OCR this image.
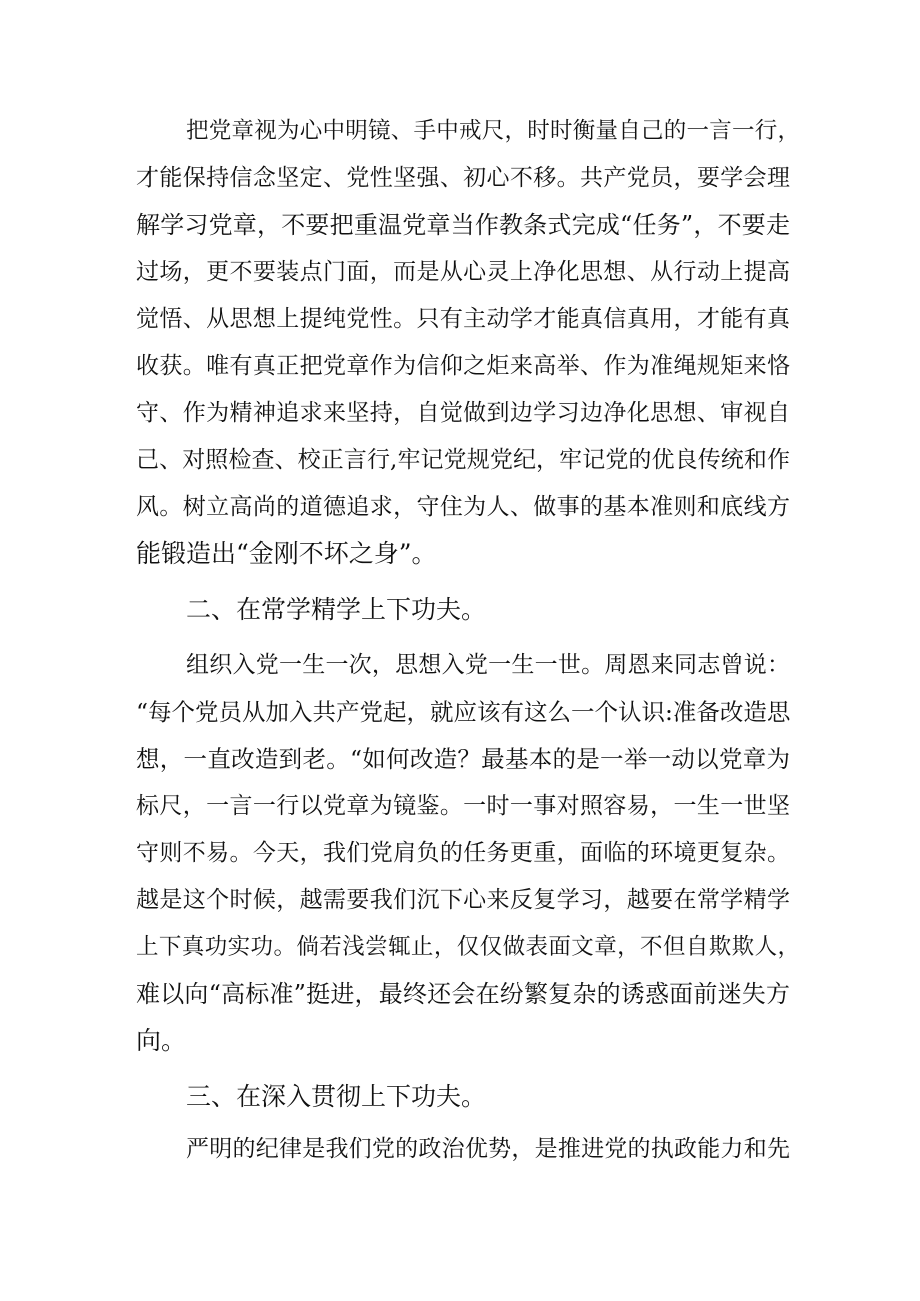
把党章视为心中明镜、手中戒尺，时时衡量自己的一言一行，
才能保持信念坚定、党性坚强、初心不移。共产党员，要学会理
解学习党章，不要把重温党章当作教条式完成“任务”，不要走
过场，更不要装点门面，而是从心灵上净化思想、从行动上提高
觉悟、从思想上提纯党性。只有主动学才能真信真用，才能有真
收获。唯有真正把党章作为信仰之炬来高举、作为准绳规矩来恪
守、作为精神追求来坚持，自觉做到边学习边净化思想、审视自
己、对照检查、校正言行,牢记党规党纪，牢记党的优良传统和作
风。树立高尚的道德追求，守住为人、做事的基本准则和底线方
能锻造出“金刚不坏之身”。
二、在常学精学上下功夫。
组织入党一生一次，思想入党一生一世。周恩来同志曾说：
“每个党员从加入共产党起，就应该有这么一个认识:准备改造思
想，一直改造到老。“如何改造？最基本的是一举一动以党章为
标尺，一言一行以党章为镜鉴。一时一事对照容易，一生一世坚
守则不易。今天，我们党肩负的任务更重，面临的环境更复杂。
越是这个时候，越需要我们沉下心来反复学习，越要在常学精学
上下真功实功。倘若浅尝辄止，仅仅做表面文章，不但自欺欺人，
难以向“高标准”挺进，最终还会在纷繁复杂的诱惑面前迷失方
向。
三、在深入贯彻上下功夫。
严明的纪律是我们党的政治优势，是推进党的执政能力和先
